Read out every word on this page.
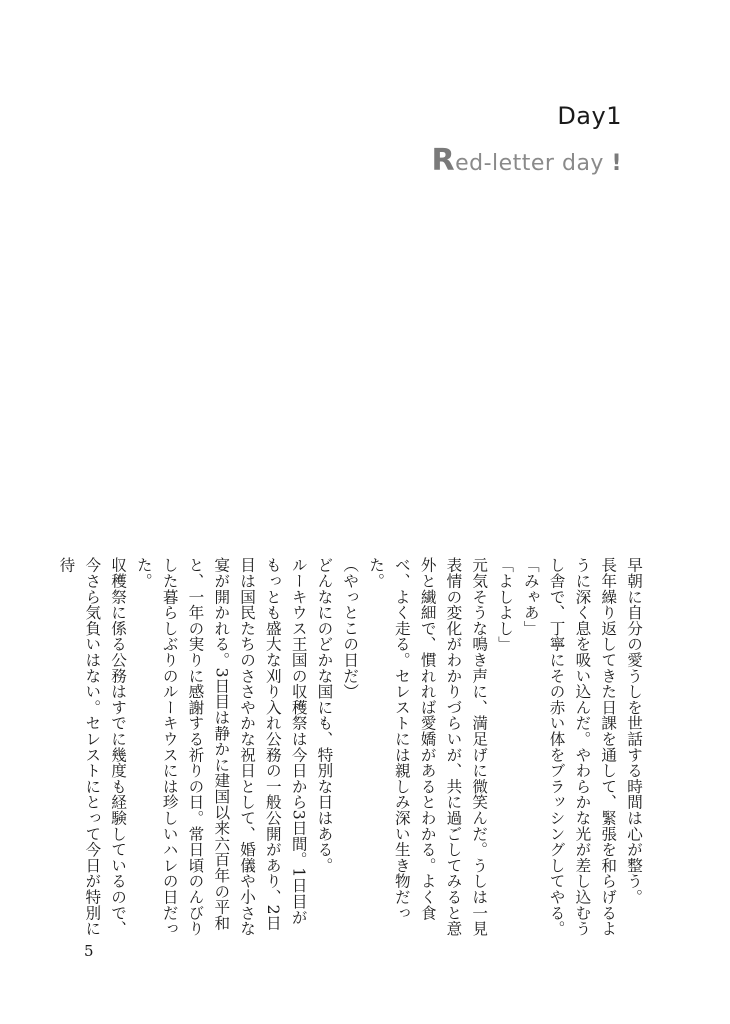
Day1
Red-letter day !

早朝に自分の愛うしを世話する時間は心が整う。

長年繰り返してきた日課を通して、緊張を和らげるように深く息を吸い込んだ。やわらかな光が差し込むうし舎で、丁寧にその赤い体をブラッシングしてやる。

「みゃあ」

「よしよし」

元気そうな鳴き声に、満足げに微笑んだ。うしは一見表情の変化がわかりづらいが、共に過ごしてみると意外と繊細で、慣れれば愛嬌があるとわかる。よく食べ、よく走る。セレストには親しみ深い生き物だった。

（やっとこの日だ）

どんなにのどかな国にも、特別な日はある。

ルーキウス王国の収穫祭は今日から3日間。1日目がもっとも盛大な刈り入れ公務の一般公開があり、2日目は国民たちのささやかな祝日として、婚儀や小さな宴が開かれる。3日目は静かに建国以来六百年の平和と、一年の実りに感謝する祈りの日。常日頃のんびりした暮らしぶりのルーキウスには珍しいハレの日だった。

収穫祭に係る公務はすでに幾度も経験しているので、今さら気負いはない。セレストにとって今日が特別に待

5
